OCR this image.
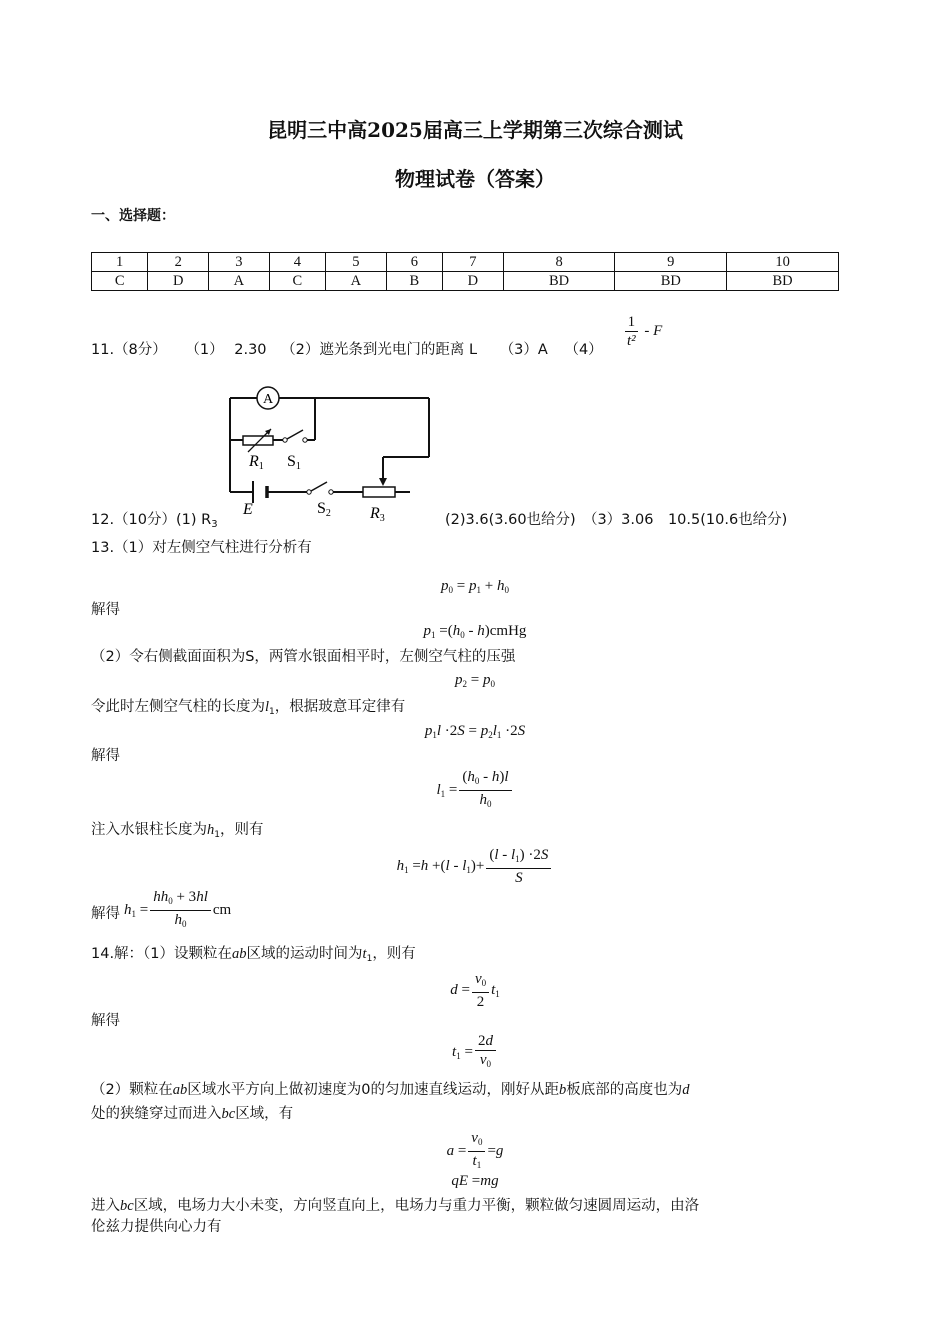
昆明三中高2025届高三上学期第三次综合测试
物理试卷（答案）
一、选择题：
1	2	3	4	5	6	7	8	9	10
C	D	A	C	A	B	D	BD	BD	BD
11.（8分） （1） 2.30 （2）遮光条到光电门的距离 L （3）A $(4) \frac{1}{\text{t²}}$ - F
A
R1 S1
E	S2 R3
12.（10分）(1) $R_3$	(2)3.6(3.60也给分)　（3）3.06　10.5(10.6也给分)
13.（1）对左侧空气柱进行分析有
$p_0 = p_1 + h_0$
解得
$p_1 =(h_0$ - h)cmHg
（2）令右侧截面面积为S，两管水银面相平时，左侧空气柱的压强
$p_2 = p_0$
令此时左侧空气柱的长度为$l_1$，根据玻意耳定律有
$p_1l \cdot 2S = p_2l_1 \cdot 2S$
解得
$l_1 = \frac{(h_0 - h)l}{h_0}$
注入水银柱长度为$h_1$，则有
$h_1 =h +(l - l_1)+ \frac{(l - l_1) \cdot 2S}{S}$
解得 $h_1 = \frac{hh_0 + 3hl}{h_0}$ cm
14.解：（1）设颗粒在ab区域的运动时间为$t_1$，则有
$d = \frac{v_0}{2} t_1$
解得
$t_1 = \frac{2d}{v_0}$
（2）颗粒在ab区域水平方向上做初速度为0的匀加速直线运动，刚好从距b板底部的高度也为d
处的狭缝穿过而进入bc区域，有
$a = \frac{v_0}{t_1} =g$
qE =mg
进入bc区域，电场力大小未变，方向竖直向上，电场力与重力平衡，颗粒做匀速圆周运动，由洛
伦兹力提供向心力有
